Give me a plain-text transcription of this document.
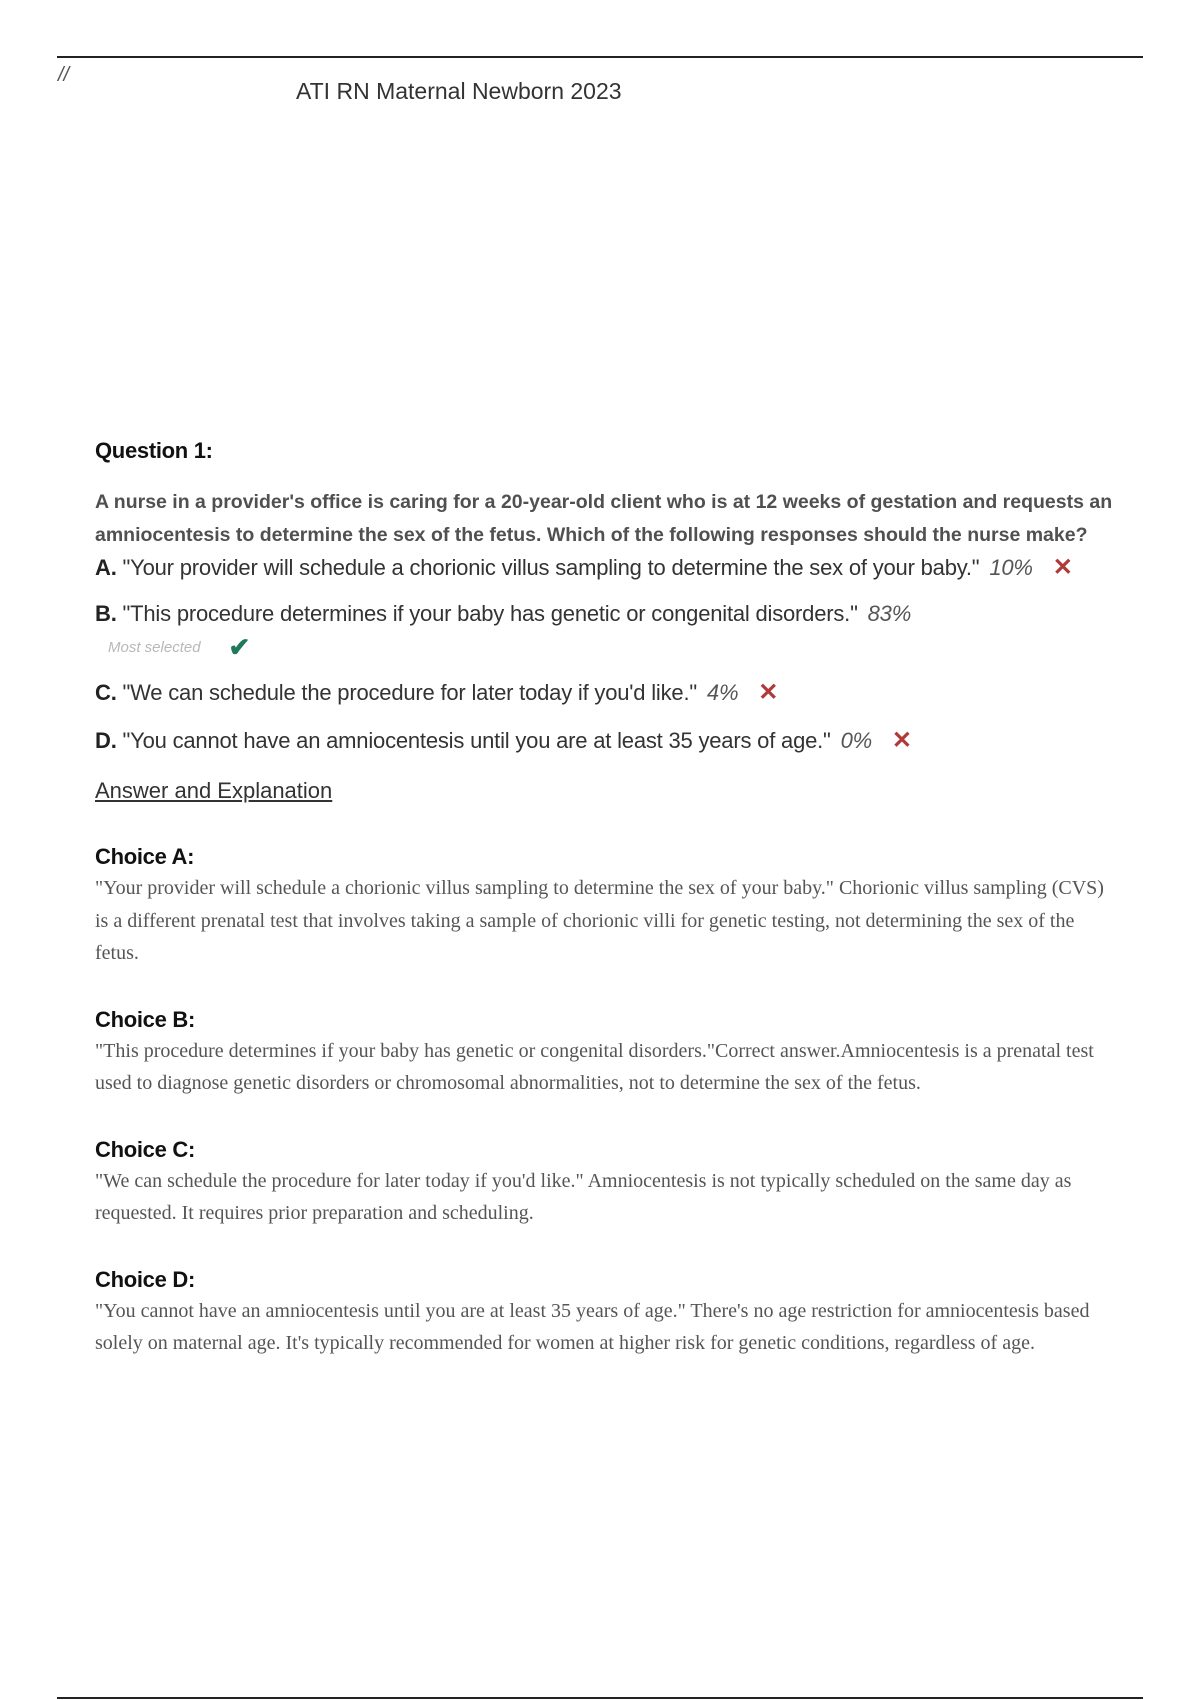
//
ATI RN Maternal Newborn 2023
Question 1:

A nurse in a provider's office is caring for a 20-year-old client who is at 12 weeks of gestation and requests an amniocentesis to determine the sex of the fetus. Which of the following responses should the nurse make?

A. "Your provider will schedule a chorionic villus sampling to determine the sex of your baby." 10% ✕
B. "This procedure determines if your baby has genetic or congenital disorders." 83%
Most selected ✔
C. "We can schedule the procedure for later today if you'd like." 4% ✕
D. "You cannot have an amniocentesis until you are at least 35 years of age." 0% ✕
Answer and Explanation
Choice A:

"Your provider will schedule a chorionic villus sampling to determine the sex of your baby." Chorionic villus sampling (CVS) is a different prenatal test that involves taking a sample of chorionic villi for genetic testing, not determining the sex of the fetus.

Choice B:

"This procedure determines if your baby has genetic or congenital disorders."Correct answer.Amniocentesis is a prenatal test used to diagnose genetic disorders or chromosomal abnormalities, not to determine the sex of the fetus.

Choice C:

"We can schedule the procedure for later today if you'd like." Amniocentesis is not typically scheduled on the same day as requested. It requires prior preparation and scheduling.

Choice D:

"You cannot have an amniocentesis until you are at least 35 years of age." There's no age restriction for amniocentesis based solely on maternal age. It's typically recommended for women at higher risk for genetic conditions, regardless of age.
